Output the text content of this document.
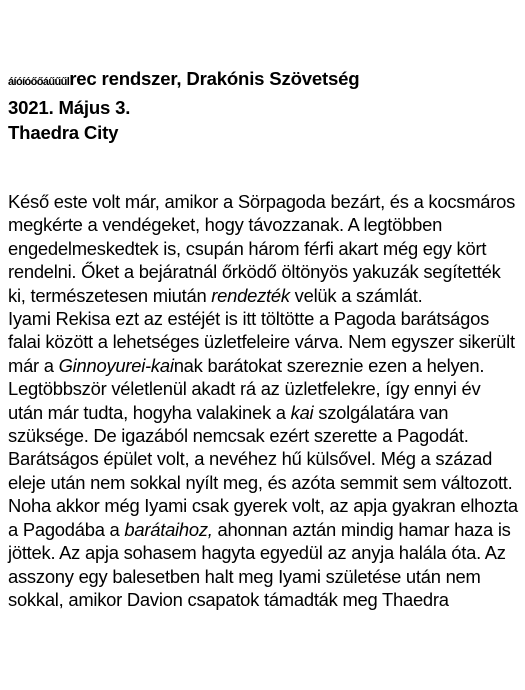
áíóíóőőáűűűlrec rendszer, Drakónis Szövetség
3021. Május 3.
Thaedra City

Késő este volt már, amikor a Sörpagoda bezárt, és a kocsmáros megkérte a vendégeket, hogy távozzanak. A legtöbben engedelmeskedtek is, csupán három férfi akart még egy kört rendelni. Őket a bejáratnál őrködő öltönyös yakuzák segítették ki, természetesen miután rendezték velük a számlát.

Iyami Rekisa ezt az estéjét is itt töltötte a Pagoda barátságos falai között a lehetséges üzletfeleire várva. Nem egyszer sikerült már a Ginnoyurei-kainak barátokat szereznie ezen a helyen. Legtöbbször véletlenül akadt rá az üzletfelekre, így ennyi év után már tudta, hogyha valakinek a kai szolgálatára van szüksége. De igazából nemcsak ezért szerette a Pagodát. Barátságos épület volt, a nevéhez hű külsővel. Még a század eleje után nem sokkal nyílt meg, és azóta semmit sem változott. Noha akkor még Iyami csak gyerek volt, az apja gyakran elhozta a Pagodába a barátaihoz, ahonnan aztán mindig hamar haza is jöttek. Az apja sohasem hagyta egyedül az anyja halála óta. Az asszony egy balesetben halt meg Iyami születése után nem sokkal, amikor Davion csapatok támadták meg Thaedra
